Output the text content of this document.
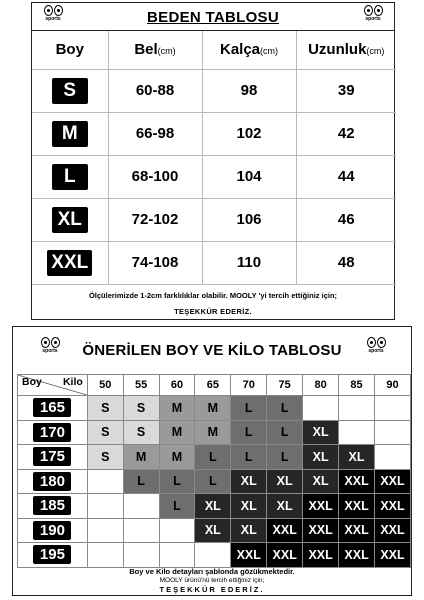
sports	BEDEN TABLOSU	sports
Boy	Bel(cm)	Kalça(cm)	Uzunluk(cm)
S	60-88	98	39
M	66-98	102	42
L	68-100	104	44
XL	72-102	106	46
XXL	74-108	110	48
Ölçülerimizde 1-2cm farklılıklar olabilir. MOOLY 'yi tercih ettiğiniz için;
TEŞEKKÜR EDERİZ.
sports	ÖNERİLEN BOY VE KİLO TABLOSU	sports
Boy Kilo	50	55	60	65	70	75	80	85	90
165	S	S	M	M	L	L			
170	S	S	M	M	L	L	XL		
175	S	M	M	L	L	L	XL	XL	
180		L	L	L	XL	XL	XL	XXL	XXL
185			L	XL	XL	XL	XXL	XXL	XXL
190				XL	XL	XXL	XXL	XXL	XXL
195					XXL	XXL	XXL	XXL	XXL
Boy ve Kilo detayları şablonda gözükmektedir.
MOOLY ürünü'nü tercih ettiğiniz için;
TEŞEKKÜR EDERİZ.
